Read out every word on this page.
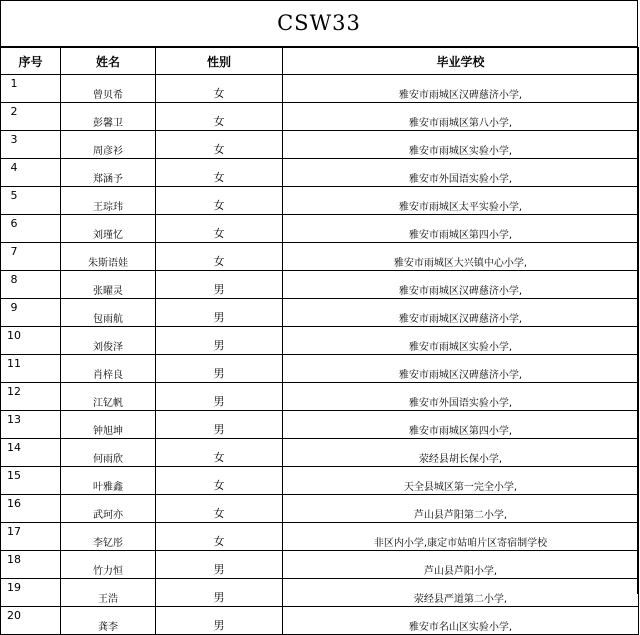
CSW33
序号	姓名	性别	毕业学校
1	曾贝希	女	雅安市雨城区汉碑慈济小学,
2	彭馨卫	女	雅安市雨城区第八小学,
3	周彦衫	女	雅安市雨城区实验小学,
4	郑涵予	女	雅安市外国语实验小学,
5	王琮玮	女	雅安市雨城区太平实验小学,
6	刘瑾忆	女	雅安市雨城区第四小学,
7	朱斯语娃	女	雅安市雨城区大兴镇中心小学,
8	张曜灵	男	雅安市雨城区汉碑慈济小学,
9	包雨航	男	雅安市雨城区汉碑慈济小学,
10	刘俊泽	男	雅安市雨城区实验小学,
11	肖梓良	男	雅安市雨城区汉碑慈济小学,
12	江钇帆	男	雅安市外国语实验小学,
13	钟旭坤	男	雅安市雨城区第四小学,
14	何雨欣	女	荥经县胡长保小学,
15	叶雅鑫	女	天全县城区第一完全小学,
16	武珂亦	女	芦山县芦阳第二小学,
17	李钇彤	女	非区内小学,康定市姑咱片区寄宿制学校
18	竹力恒	男	芦山县芦阳小学,
19	王浩	男	荥经县严道第二小学,
20	龚李	男	雅安市名山区实验小学,
